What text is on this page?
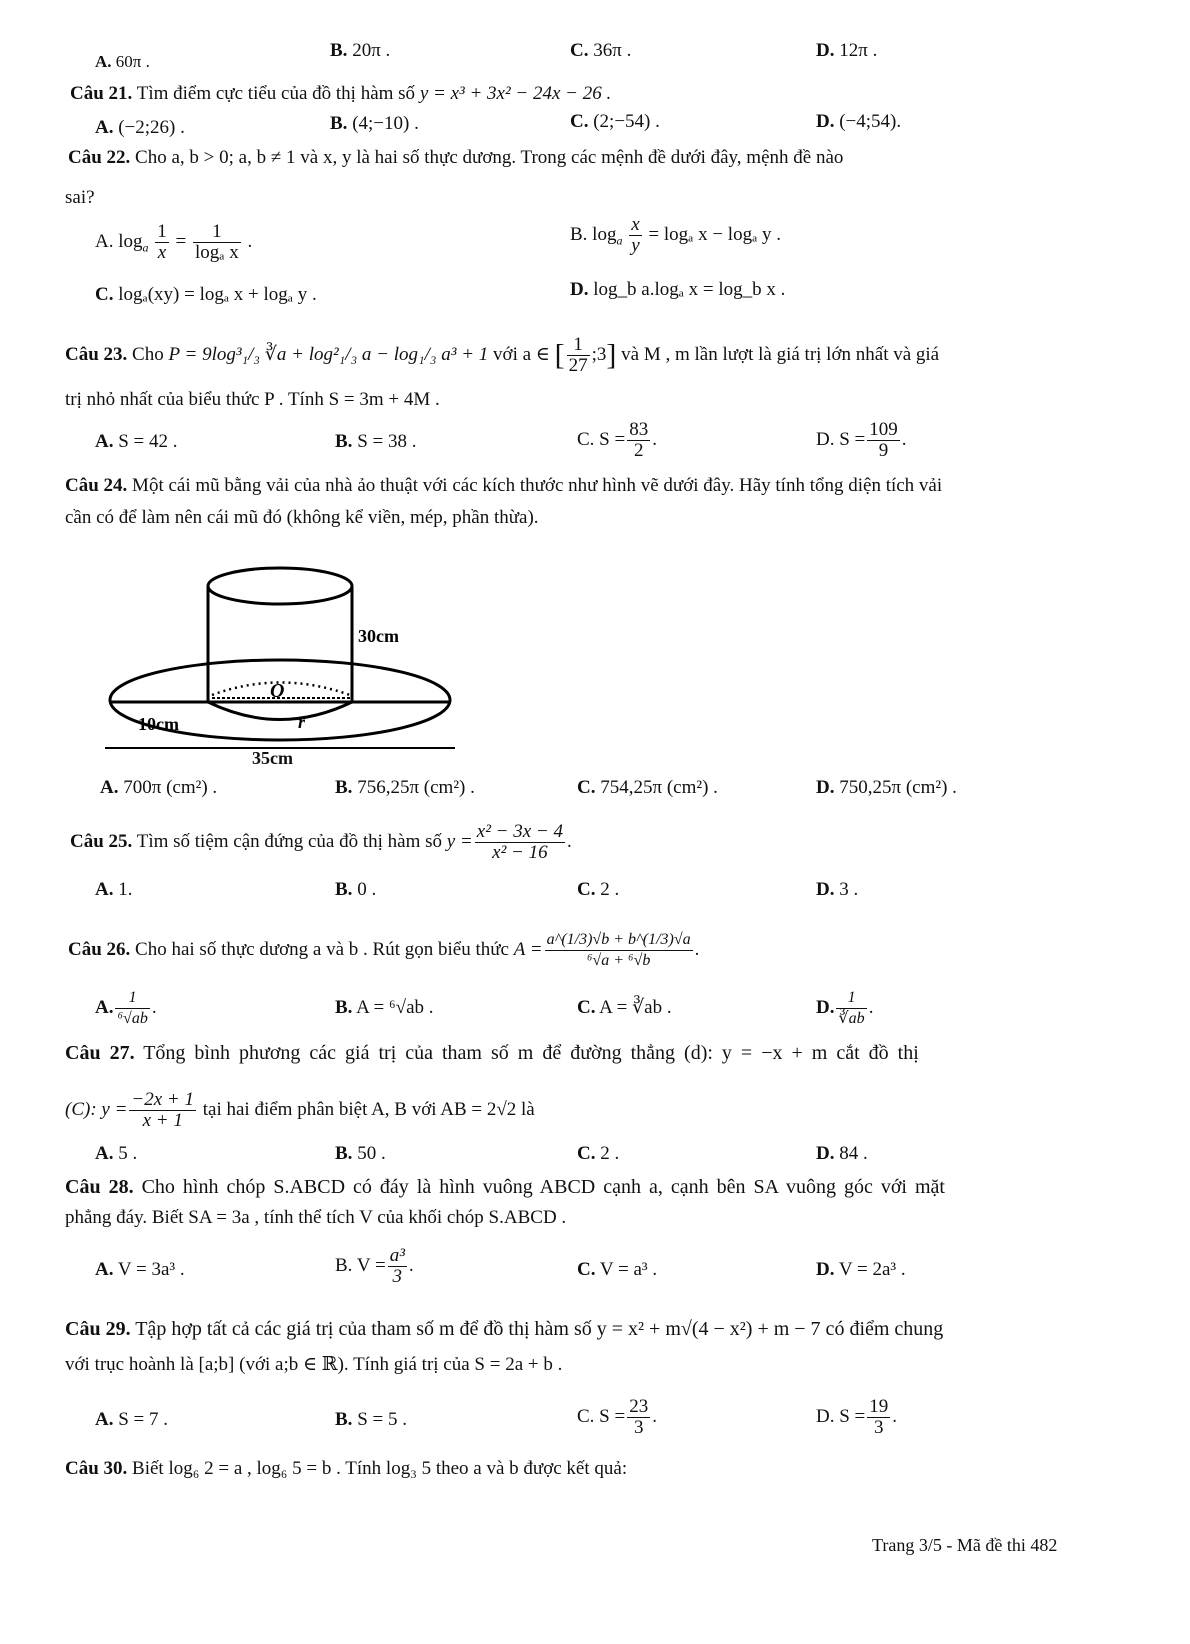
A. 60π .
B. 20π .	C. 36π .	D. 12π .
Câu 21. Tìm điểm cực tiểu của đồ thị hàm số y = x³ + 3x² − 24x − 26 .
A. (−2;26) .	B. (4;−10) .	C. (2;−54) .	D. (−4;54).
Câu 22. Cho a, b > 0; a, b ≠ 1 và x, y là hai số thực dương. Trong các mệnh đề dưới đây, mệnh đề nào
sai?
A. $\log_a \frac{1}{x} = \frac{1}{\text{logₐ x}}$ .	B. $\log_a \frac{x}{y} = \log_a$ x − logₐ y .
C. logₐ(xy) = logₐ x + logₐ y .	D. log_b a.logₐ x = log_b x .
Câu 23. Cho P = 9log³₁/₃ ∛a + log²₁/₃ a − log₁/₃ a³ + 1 với a ∈ [ $\frac{1}{27}$ ;3] và M , m lần lượt là giá trị lớn nhất và giá
trị nhỏ nhất của biểu thức P . Tính S = 3m + 4M .
A. S = 42 .	B. S = 38 .	C. $S = \frac{83}{2}$ .	D. $S = \frac{109}{9}$ .
Câu 24. Một cái mũ bằng vải của nhà ảo thuật với các kích thước như hình vẽ dưới đây. Hãy tính tổng diện tích vải
cần có để làm nên cái mũ đó (không kể viền, mép, phần thừa).
30cm
10cm
O
r
35cm
A. 700π (cm²) .	B. 756,25π (cm²) .	C. 754,25π (cm²) .	D. 750,25π (cm²) .
Câu 25. Tìm số tiệm cận đứng của đồ thị hàm số $y = \frac{\text{x² − 3x − 4}}{\text{x² − 16}}$ .
A. 1.	B. 0 .	C. 2 .	D. 3 .
Câu 26. Cho hai số thực dương a và b . Rút gọn biểu thức $A = \frac{a\^{}(1/3)√b + b\^{}(1/3)√a}{\text{⁶√a + ⁶√b}}$ .
A. $\frac{1}{\text{⁶√ab}}$ .	B. A = ⁶√ab .	C. A = ∛ab .	D. $\frac{1}{∛ab}$ .
Câu 27. Tổng bình phương các giá trị của tham số m để đường thẳng (d): y = −x + m cắt đồ thị
(C): $y = \frac{-2x + 1}{x + 1}$ tại hai điểm phân biệt A, B với AB = 2√2 là
A. 5 .	B. 50 .	C. 2 .	D. 84 .
Câu 28. Cho hình chóp S.ABCD có đáy là hình vuông ABCD cạnh a, cạnh bên SA vuông góc với mặt
phẳng đáy. Biết SA = 3a , tính thể tích V của khối chóp S.ABCD .
A. V = 3a³ .	B. $V = \frac{\text{a³}}{3}$ .	C. V = a³ .	D. V = 2a³ .
Câu 29. Tập hợp tất cả các giá trị của tham số m để đồ thị hàm số y = x² + m√(4 − x²) + m − 7 có điểm chung
với trục hoành là [a;b] (với a;b ∈ ℝ). Tính giá trị của S = 2a + b .
A. S = 7 .	B. S = 5 .	C. $S = \frac{23}{3}$ .	D. $S = \frac{19}{3}$ .
Câu 30. Biết log₆ 2 = a , log₆ 5 = b . Tính log₃ 5 theo a và b được kết quả:
Trang 3/5 - Mã đề thi 482
